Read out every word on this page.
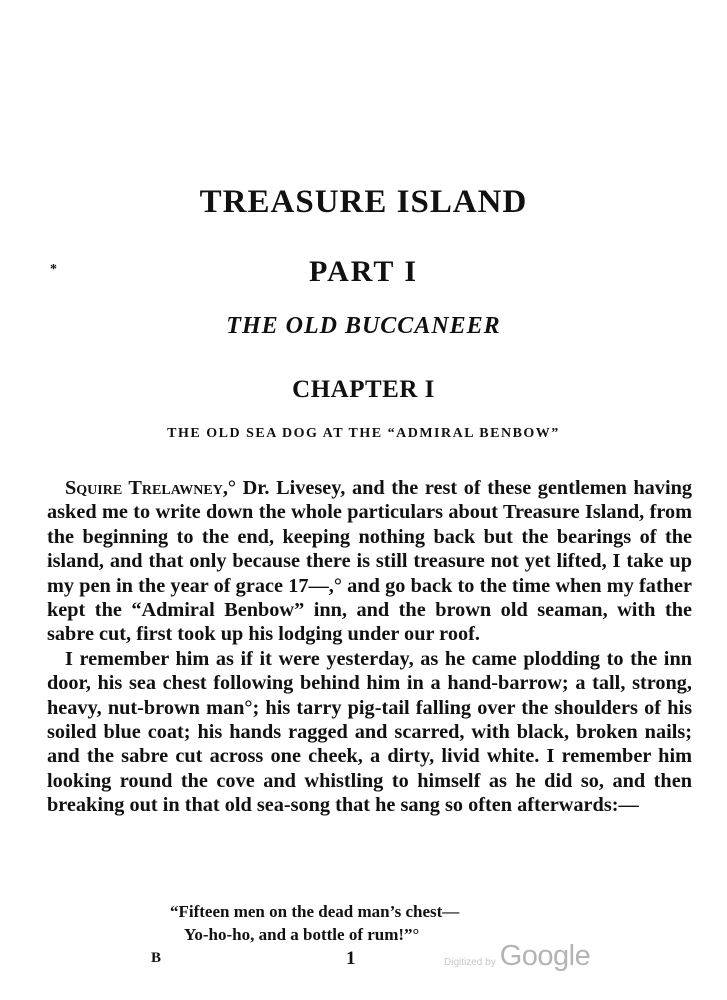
TREASURE ISLAND
*	PART I
THE OLD BUCCANEER
CHAPTER I
THE OLD SEA DOG AT THE “ADMIRAL BENBOW”

Squire Trelawney,° Dr. Livesey, and the rest of these gentlemen having asked me to write down the whole particulars about Treasure Island, from the beginning to the end, keeping nothing back but the bearings of the island, and that only because there is still treasure not yet lifted, I take up my pen in the year of grace 17—,° and go back to the time when my father kept the “Admiral Benbow” inn, and the brown old seaman, with the sabre cut, first took up his lodging under our roof.

I remember him as if it were yesterday, as he came plodding to the inn door, his sea chest following behind him in a hand-barrow; a tall, strong, heavy, nut-brown man°; his tarry pig-tail falling over the shoulders of his soiled blue coat; his hands ragged and scarred, with black, broken nails; and the sabre cut across one cheek, a dirty, livid white. I remember him looking round the cove and whistling to himself as he did so, and then breaking out in that old sea-song that he sang so often afterwards:—

“Fifteen men on the dead man’s chest—
Yo-ho-ho, and a bottle of rum!”°
B	1	Digitized by Google
